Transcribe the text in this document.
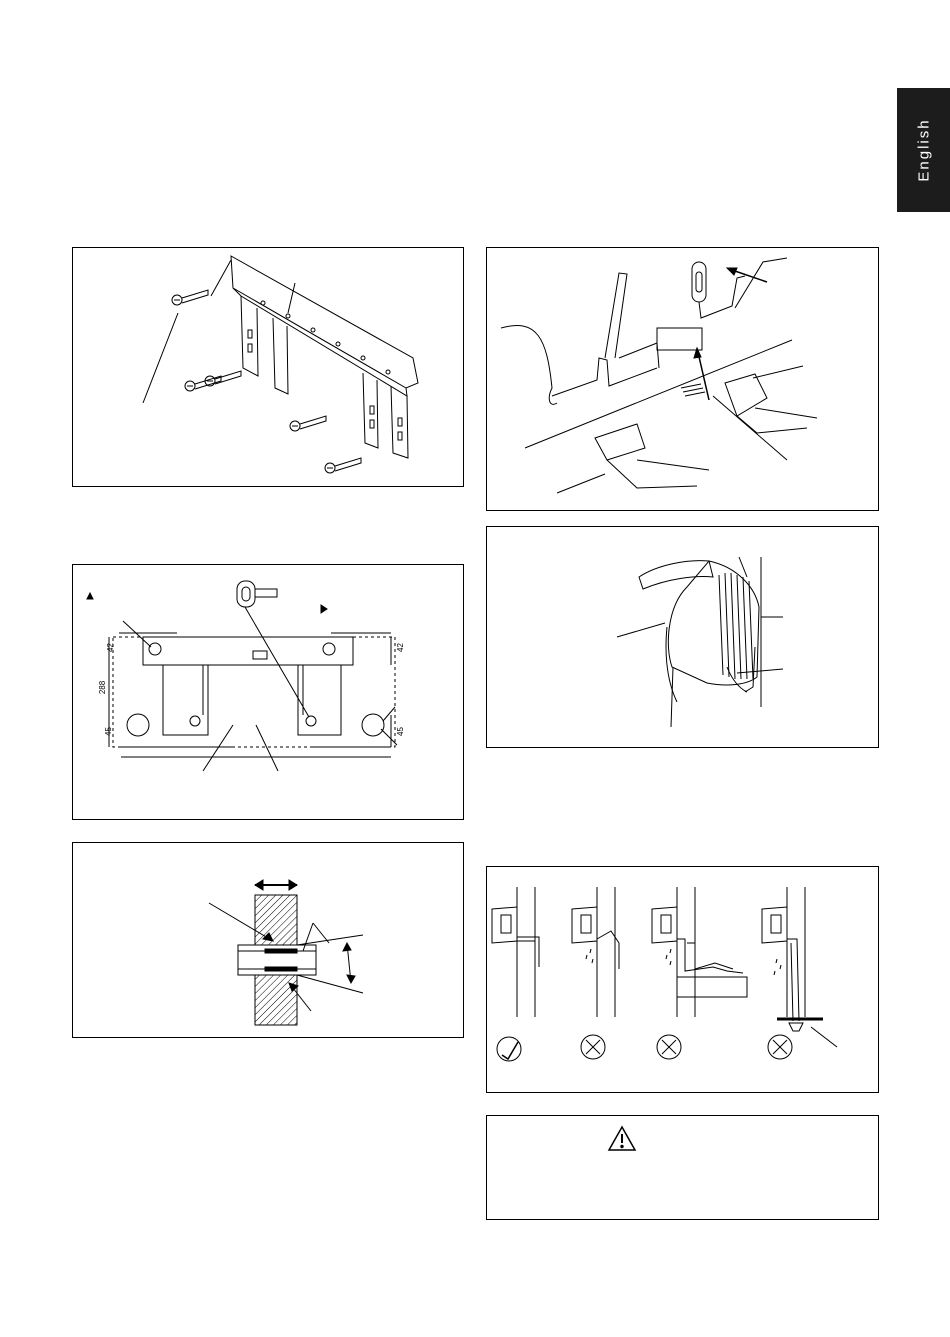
English
42	42
288
45	45
